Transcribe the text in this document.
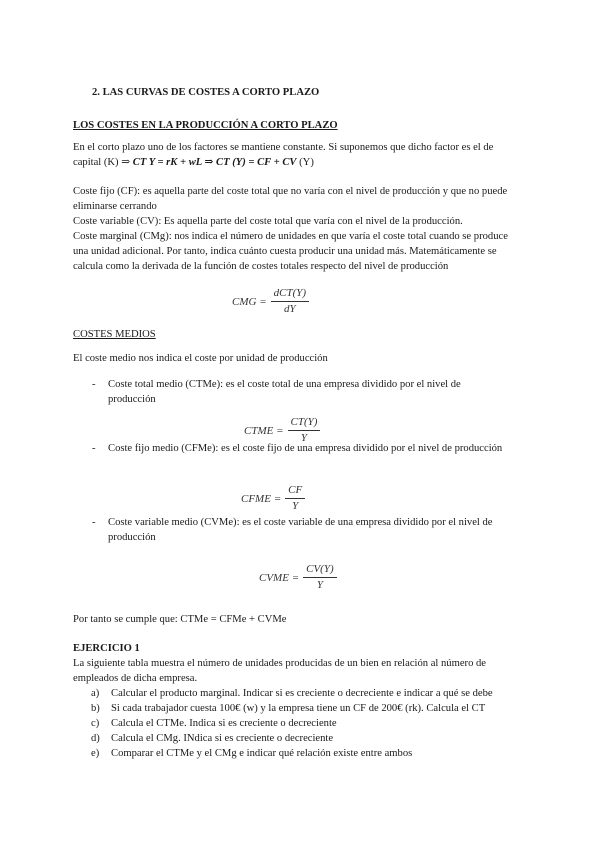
2. LAS CURVAS DE COSTES A CORTO PLAZO
LOS COSTES EN LA PRODUCCIÓN A CORTO PLAZO
En el corto plazo uno de los factores se mantiene constante. Si suponemos que dicho factor es el de
capital (K) ⇒ CT Y = rK + wL ⇒ CT (Y) = CF + CV (Y)
Coste fijo (CF): es aquella parte del coste total que no varía con el nivel de producción y que no puede
eliminarse cerrando
Coste variable (CV): Es aquella parte del coste total que varía con el nivel de la producción.
Coste marginal (CMg): nos indica el número de unidades en que varía el coste total cuando se produce
una unidad adicional. Por tanto, indica cuánto cuesta producir una unidad más. Matemáticamente se
calcula como la derivada de la función de costes totales respecto del nivel de producción
CMG = $\frac{\text{dCT(Y)}}{dY}$
COSTES MEDIOS
El coste medio nos indica el coste por unidad de producción
- Coste total medio (CTMe): es el coste total de una empresa dividido por el nivel de
producción
CTME = $\frac{CT(Y)}{Y}$
- Coste fijo medio (CFMe): es el coste fijo de una empresa dividido por el nivel de producción
CFME = $\frac{CF}{Y}$
- Coste variable medio (CVMe): es el coste variable de una empresa dividido por el nivel de
producción
CVME = $\frac{CV(Y)}{Y}$
Por tanto se cumple que: CTMe = CFMe + CVMe
EJERCICIO 1
La siguiente tabla muestra el número de unidades producidas de un bien en relación al número de
empleados de dicha empresa.
a) Calcular el producto marginal. Indicar si es creciente o decreciente e indicar a qué se debe
b) Si cada trabajador cuesta 100€ (w) y la empresa tiene un CF de 200€ (rk). Calcula el CT
c) Calcula el CTMe. Indica si es creciente o decreciente
d) Calcula el CMg. INdica si es creciente o decreciente
e) Comparar el CTMe y el CMg e indicar qué relación existe entre ambos
